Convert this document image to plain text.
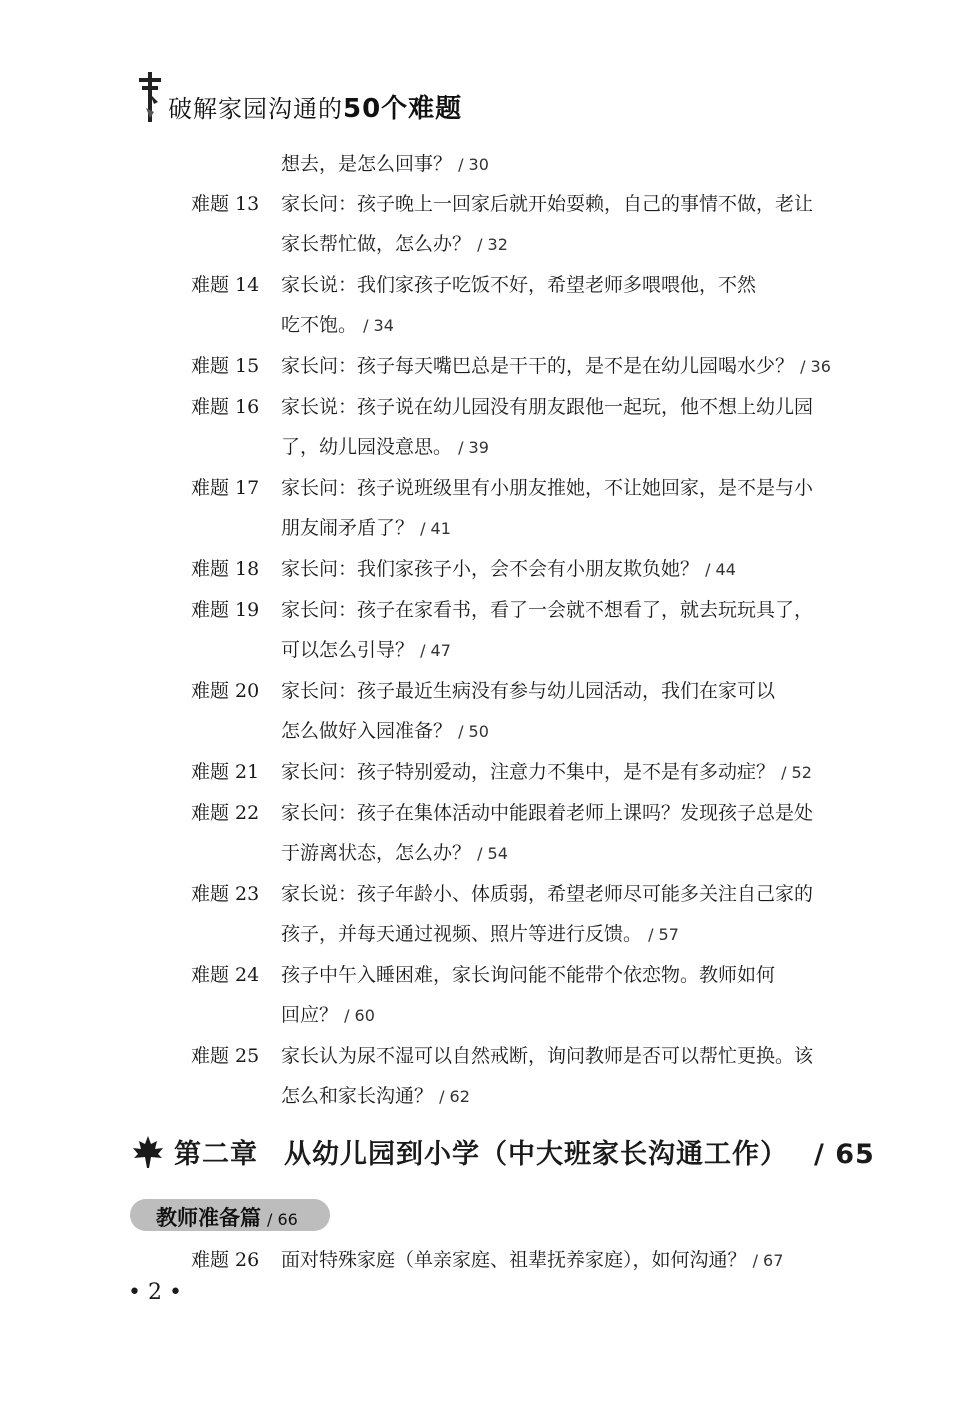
破解家园沟通的50个难题
想去，是怎么回事？ / 30
难题 13	家长问：孩子晚上一回家后就开始耍赖，自己的事情不做，老让
家长帮忙做，怎么办？ / 32
难题 14	家长说：我们家孩子吃饭不好，希望老师多喂喂他，不然
吃不饱。 / 34
难题 15	家长问：孩子每天嘴巴总是干干的，是不是在幼儿园喝水少？ / 36
难题 16	家长说：孩子说在幼儿园没有朋友跟他一起玩，他不想上幼儿园
了，幼儿园没意思。 / 39
难题 17	家长问：孩子说班级里有小朋友推她，不让她回家，是不是与小
朋友闹矛盾了？ / 41
难题 18	家长问：我们家孩子小，会不会有小朋友欺负她？ / 44
难题 19	家长问：孩子在家看书，看了一会就不想看了，就去玩玩具了，
可以怎么引导？ / 47
难题 20	家长问：孩子最近生病没有参与幼儿园活动，我们在家可以
怎么做好入园准备？ / 50
难题 21	家长问：孩子特别爱动，注意力不集中，是不是有多动症？ / 52
难题 22	家长问：孩子在集体活动中能跟着老师上课吗？发现孩子总是处
于游离状态，怎么办？ / 54
难题 23	家长说：孩子年龄小、体质弱，希望老师尽可能多关注自己家的
孩子，并每天通过视频、照片等进行反馈。 / 57
难题 24	孩子中午入睡困难，家长询问能不能带个依恋物。教师如何
回应？ / 60
难题 25	家长认为尿不湿可以自然戒断，询问教师是否可以帮忙更换。该
怎么和家长沟通？ / 62
第二章 从幼儿园到小学（中大班家长沟通工作） / 65
教师准备篇 / 66
难题 26	面对特殊家庭（单亲家庭、祖辈抚养家庭），如何沟通？ / 67
• 2 •
